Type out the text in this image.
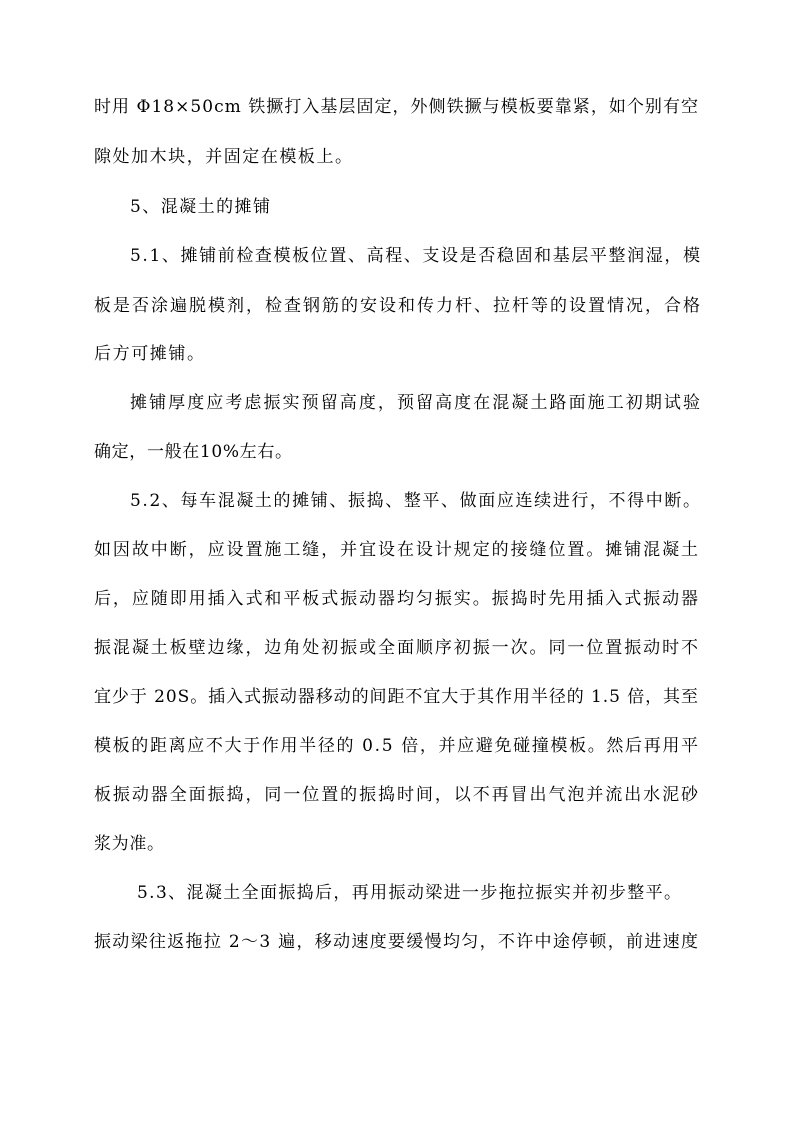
时用 Φ18×50cm 铁撅打入基层固定，外侧铁撅与模板要靠紧，如个别有空
隙处加木块，并固定在模板上。
5、混凝土的摊铺
5.1、摊铺前检查模板位置、高程、支设是否稳固和基层平整润湿，模
板是否涂遍脱模剂，检查钢筋的安设和传力杆、拉杆等的设置情况，合格
后方可摊铺。
摊铺厚度应考虑振实预留高度，预留高度在混凝土路面施工初期试验
确定，一般在10%左右。
5.2、每车混凝土的摊铺、振捣、整平、做面应连续进行，不得中断。
如因故中断，应设置施工缝，并宜设在设计规定的接缝位置。摊铺混凝土
后，应随即用插入式和平板式振动器均匀振实。振捣时先用插入式振动器
振混凝土板壁边缘，边角处初振或全面顺序初振一次。同一位置振动时不
宜少于 20S。插入式振动器移动的间距不宜大于其作用半径的 1.5 倍，其至
模板的距离应不大于作用半径的 0.5 倍，并应避免碰撞模板。然后再用平
板振动器全面振捣，同一位置的振捣时间，以不再冒出气泡并流出水泥砂
浆为准。
5.3、混凝土全面振捣后，再用振动梁进一步拖拉振实并初步整平。
振动梁往返拖拉 2～3 遍，移动速度要缓慢均匀，不许中途停顿，前进速度
